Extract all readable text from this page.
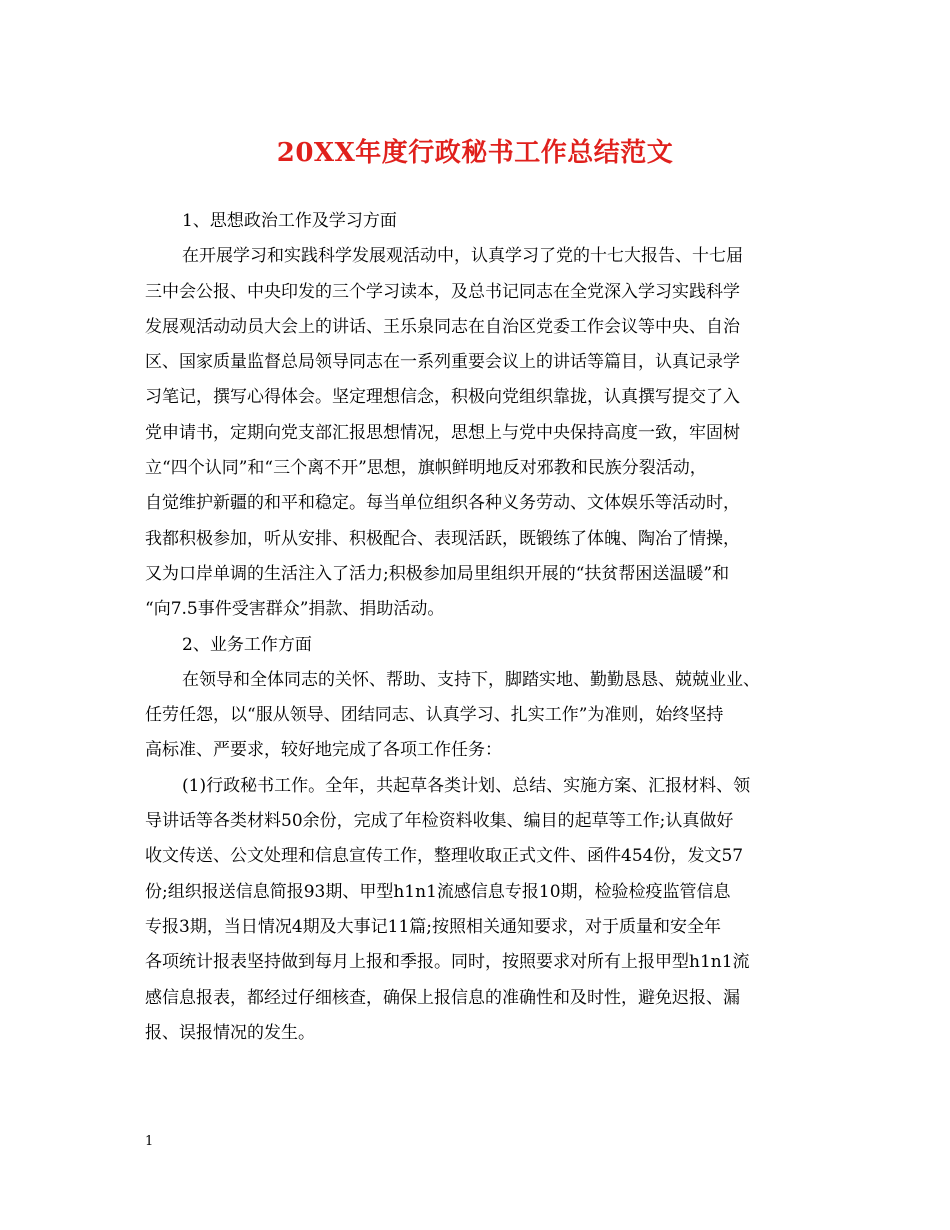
20XX年度行政秘书工作总结范文
1、思想政治工作及学习方面
在开展学习和实践科学发展观活动中，认真学习了党的十七大报告、十七届
三中会公报、中央印发的三个学习读本，及总书记同志在全党深入学习实践科学
发展观活动动员大会上的讲话、王乐泉同志在自治区党委工作会议等中央、自治
区、国家质量监督总局领导同志在一系列重要会议上的讲话等篇目，认真记录学
习笔记，撰写心得体会。坚定理想信念，积极向党组织靠拢，认真撰写提交了入
党申请书，定期向党支部汇报思想情况，思想上与党中央保持高度一致，牢固树
立“四个认同”和“三个离不开”思想，旗帜鲜明地反对邪教和民族分裂活动，
自觉维护新疆的和平和稳定。每当单位组织各种义务劳动、文体娱乐等活动时，
我都积极参加，听从安排、积极配合、表现活跃，既锻练了体魄、陶冶了情操，
又为口岸单调的生活注入了活力;积极参加局里组织开展的“扶贫帮困送温暖”和
“向7.5事件受害群众”捐款、捐助活动。
2、业务工作方面
在领导和全体同志的关怀、帮助、支持下，脚踏实地、勤勤恳恳、兢兢业业、
任劳任怨，以“服从领导、团结同志、认真学习、扎实工作”为准则，始终坚持
高标准、严要求，较好地完成了各项工作任务：
(1)行政秘书工作。全年，共起草各类计划、总结、实施方案、汇报材料、领
导讲话等各类材料50余份，完成了年检资料收集、编目的起草等工作;认真做好
收文传送、公文处理和信息宣传工作，整理收取正式文件、函件454份，发文57
份;组织报送信息简报93期、甲型h1n1流感信息专报10期，检验检疫监管信息
专报3期，当日情况4期及大事记11篇;按照相关通知要求，对于质量和安全年
各项统计报表坚持做到每月上报和季报。同时，按照要求对所有上报甲型h1n1流
感信息报表，都经过仔细核查，确保上报信息的准确性和及时性，避免迟报、漏
报、误报情况的发生。
1
